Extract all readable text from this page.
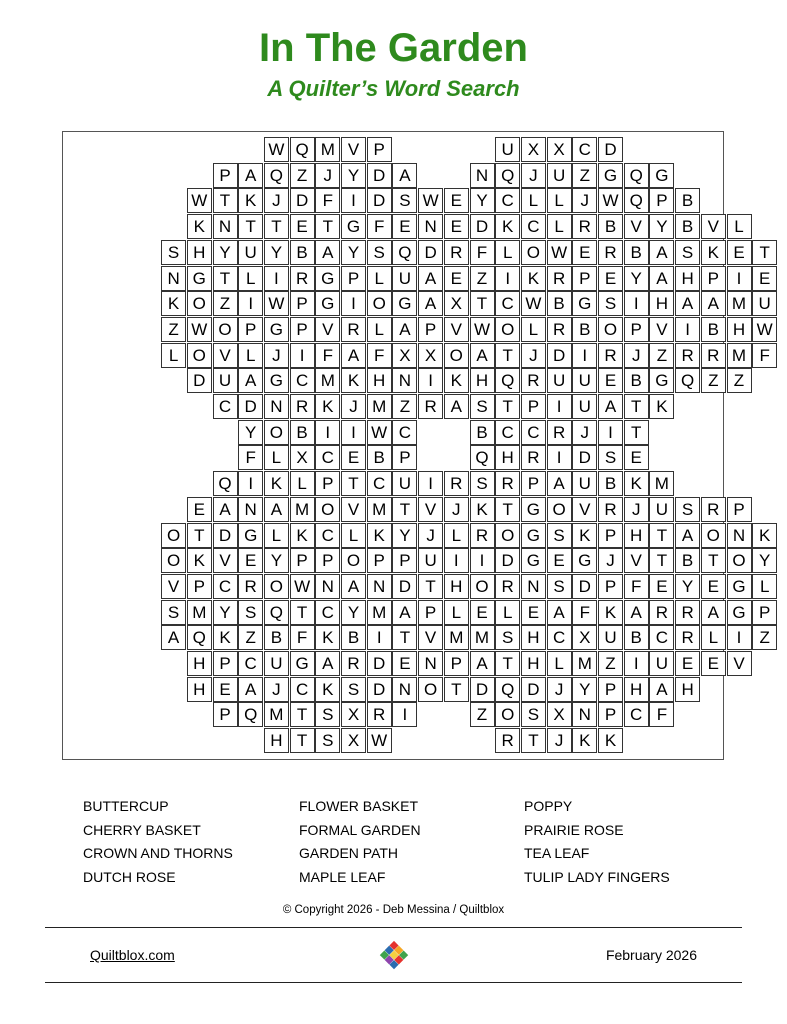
In The Garden
A Quilter’s Word Search
W Q M V P	U X X C D
P A Q Z J Y D A	N Q J U Z G Q G
W T K J D F	I	D S W E Y C L L J W Q P B
K N T T E T G F E N E D K C L R B V Y B V L
S H Y U Y B A Y S Q D R F L O W E R B A S K E T
N G T L	I	R G P L U A E Z	I	K R P E Y A H P	I	E
K O Z	I W P G I O G A X T C W B G S	I	H A A M U
Z W O P G P V R L A P V W O L R B O P V	I	B H W
L O V L J	I	F A F X X O A T J D	I	R J Z R R M F
D U A G C M K H N	I	K H Q R U U E B G Q Z Z
C D N R K J M Z R A S T P	I	U A T K
Y O B	I	I W C	B C C R J	I	T
F L X C E B P	Q H R	I	D S E
Q I	K L P T C U	I	R S R P A U B K M
E A N A M O V M T V J K T G O V R J U S R P
O T D G L K C L K Y J L R O G S K P H T A O N K
O K V E Y P P O P P U	I	I	D G E G J V T B T O Y
V P C R O W N A N D T H O R N S D P F E Y E G L
S M Y S Q T C Y M A P L E L E A F K A R R A G P
A Q K Z B F K B	I	T V M M S H C X U B C R L	I	Z
H P C U G A R D E N P A T H L M Z	I	U E E V
H E A J C K S D N O T D Q D J Y P H A H
P Q M T S X R	I	Z O S X N P C F
H T S X W	R T J K K
BUTTERCUP
CHERRY BASKET
CROWN AND THORNS
DUTCH ROSE
FLOWER BASKET
FORMAL GARDEN
GARDEN PATH
MAPLE LEAF
POPPY
PRAIRIE ROSE
TEA LEAF
TULIP LADY FINGERS
© Copyright 2026 - Deb Messina / Quiltblox
Quiltblox.com	February 2026
